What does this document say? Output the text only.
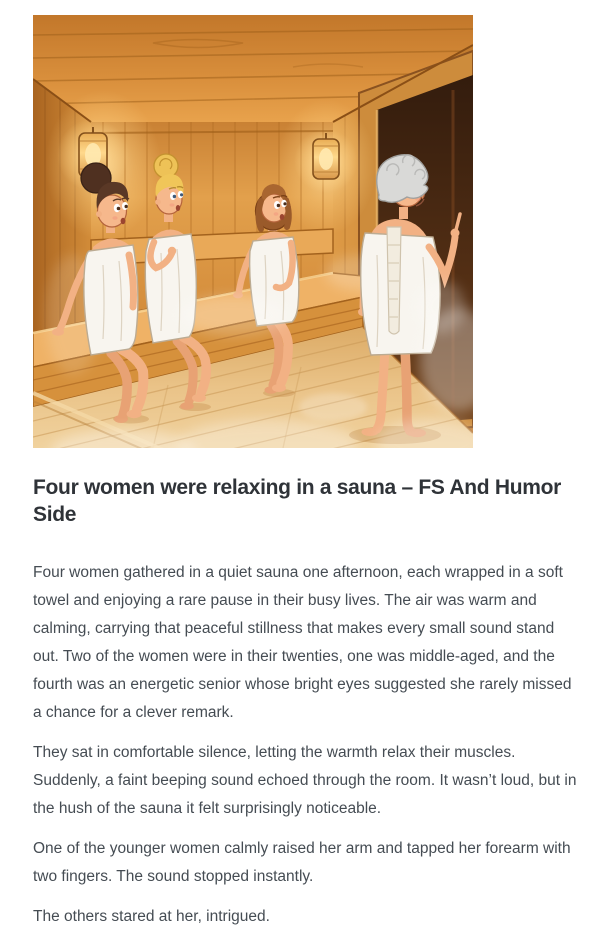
Four women were relaxing in a sauna – FS And Humor Side

Four women gathered in a quiet sauna one afternoon, each wrapped in a soft towel and enjoying a rare pause in their busy lives. The air was warm and calming, carrying that peaceful stillness that makes every small sound stand out. Two of the women were in their twenties, one was middle-aged, and the fourth was an energetic senior whose bright eyes suggested she rarely missed a chance for a clever remark.

They sat in comfortable silence, letting the warmth relax their muscles. Suddenly, a faint beeping sound echoed through the room. It wasn’t loud, but in the hush of the sauna it felt surprisingly noticeable.

One of the younger women calmly raised her arm and tapped her forearm with two fingers. The sound stopped instantly.

The others stared at her, intrigued.
